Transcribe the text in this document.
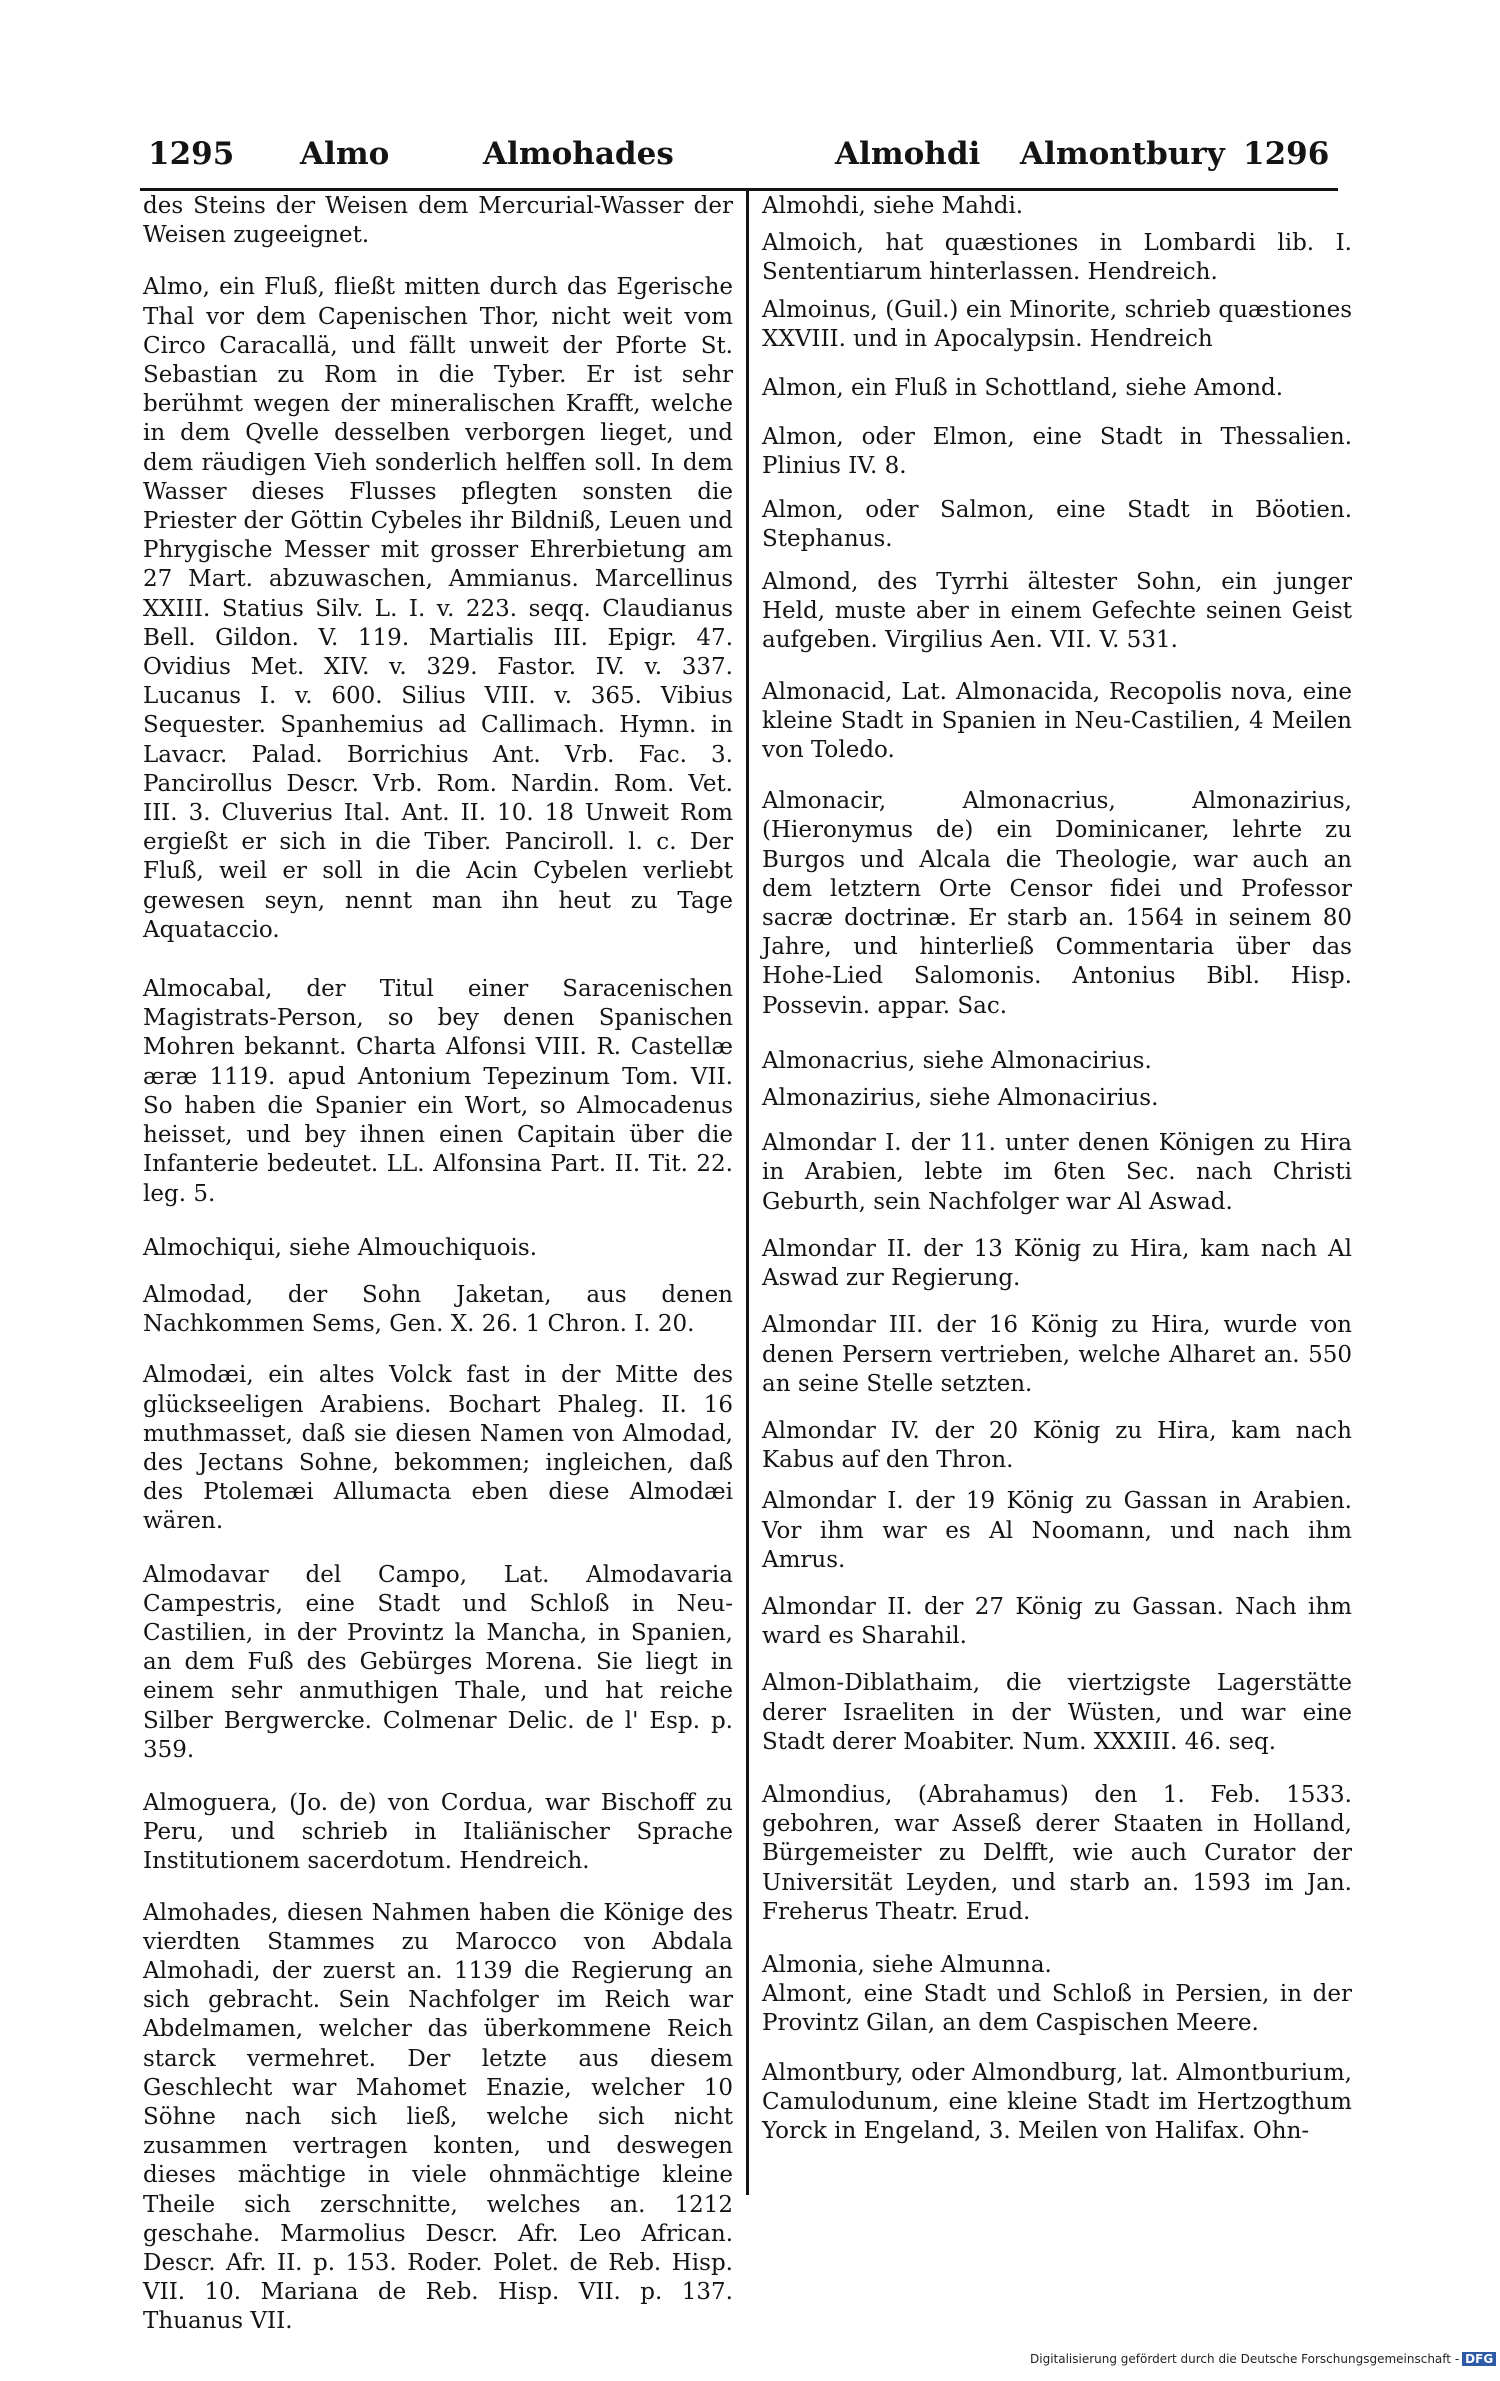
1295 Almo	Almohades	Almohdi Almontbury 1296

des Steins der Weisen dem Mercurial-Wasser der Weisen zugeeignet.

Almo, ein Fluß, fließt mitten durch das Egerische Thal vor dem Capenischen Thor, nicht weit vom Circo Caracallä, und fällt unweit der Pforte St. Sebastian zu Rom in die Tyber. Er ist sehr berühmt wegen der mineralischen Krafft, welche in dem Qvelle desselben verborgen lieget, und dem räudigen Vieh sonderlich helffen soll. In dem Wasser dieses Flusses pflegten sonsten die Priester der Göttin Cybeles ihr Bildniß, Leuen und Phrygische Messer mit grosser Ehrerbietung am 27 Mart. abzuwaschen, Ammianus. Marcellinus XXIII. Statius Silv. L. I. v. 223. seqq. Claudianus Bell. Gildon. V. 119. Martialis III. Epigr. 47. Ovidius Met. XIV. v. 329. Fastor. IV. v. 337. Lucanus I. v. 600. Silius VIII. v. 365. Vibius Sequester. Spanhemius ad Callimach. Hymn. in Lavacr. Palad. Borrichius Ant. Vrb. Fac. 3. Pancirollus Descr. Vrb. Rom. Nardin. Rom. Vet. III. 3. Cluverius Ital. Ant. II. 10. 18 Unweit Rom ergießt er sich in die Tiber. Panciroll. l. c. Der Fluß, weil er soll in die Acin Cybelen verliebt gewesen seyn, nennt man ihn heut zu Tage Aquataccio.

Almocabal, der Titul einer Saracenischen Magistrats-Person, so bey denen Spanischen Mohren bekannt. Charta Alfonsi VIII. R. Castellæ æræ 1119. apud Antonium Tepezinum Tom. VII. So haben die Spanier ein Wort, so Almocadenus heisset, und bey ihnen einen Capitain über die Infanterie bedeutet. LL. Alfonsina Part. II. Tit. 22. leg. 5.

Almochiqui, siehe Almouchiquois.

Almodad, der Sohn Jaketan, aus denen Nachkommen Sems, Gen. X. 26. 1 Chron. I. 20.

Almodæi, ein altes Volck fast in der Mitte des glückseeligen Arabiens. Bochart Phaleg. II. 16 muthmasset, daß sie diesen Namen von Almodad, des Jectans Sohne, bekommen; ingleichen, daß des Ptolemæi Allumacta eben diese Almodæi wären.

Almodavar del Campo, Lat. Almodavaria Campestris, eine Stadt und Schloß in Neu-Castilien, in der Provintz la Mancha, in Spanien, an dem Fuß des Gebürges Morena. Sie liegt in einem sehr anmuthigen Thale, und hat reiche Silber Bergwercke. Colmenar Delic. de l' Esp. p. 359.

Almoguera, (Jo. de) von Cordua, war Bischoff zu Peru, und schrieb in Italiänischer Sprache Institutionem sacerdotum. Hendreich.

Almohades, diesen Nahmen haben die Könige des vierdten Stammes zu Marocco von Abdala Almohadi, der zuerst an. 1139 die Regierung an sich gebracht. Sein Nachfolger im Reich war Abdelmamen, welcher das überkommene Reich starck vermehret. Der letzte aus diesem Geschlecht war Mahomet Enazie, welcher 10 Söhne nach sich ließ, welche sich nicht zusammen vertragen konten, und deswegen dieses mächtige in viele ohnmächtige kleine Theile sich zerschnitte, welches an. 1212 geschahe. Marmolius Descr. Afr. Leo African. Descr. Afr. II. p. 153. Roder. Polet. de Reb. Hisp. VII. 10. Mariana de Reb. Hisp. VII. p. 137. Thuanus VII.

Almohdi, siehe Mahdi.

Almoich, hat quæstiones in Lombardi lib. I. Sententiarum hinterlassen. Hendreich.

Almoinus, (Guil.) ein Minorite, schrieb quæstiones XXVIII. und in Apocalypsin. Hendreich

Almon, ein Fluß in Schottland, siehe Amond.

Almon, oder Elmon, eine Stadt in Thessalien. Plinius IV. 8.

Almon, oder Salmon, eine Stadt in Böotien. Stephanus.

Almond, des Tyrrhi ältester Sohn, ein junger Held, muste aber in einem Gefechte seinen Geist aufgeben. Virgilius Aen. VII. V. 531.

Almonacid, Lat. Almonacida, Recopolis nova, eine kleine Stadt in Spanien in Neu-Castilien, 4 Meilen von Toledo.

Almonacir, Almonacrius, Almonazirius, (Hieronymus de) ein Dominicaner, lehrte zu Burgos und Alcala die Theologie, war auch an dem letztern Orte Censor fidei und Professor sacræ doctrinæ. Er starb an. 1564 in seinem 80 Jahre, und hinterließ Commentaria über das Hohe-Lied Salomonis. Antonius Bibl. Hisp. Possevin. appar. Sac.

Almonacrius, siehe Almonacirius.

Almonazirius, siehe Almonacirius.

Almondar I. der 11. unter denen Königen zu Hira in Arabien, lebte im 6ten Sec. nach Christi Geburth, sein Nachfolger war Al Aswad.

Almondar II. der 13 König zu Hira, kam nach Al Aswad zur Regierung.

Almondar III. der 16 König zu Hira, wurde von denen Persern vertrieben, welche Alharet an. 550 an seine Stelle setzten.

Almondar IV. der 20 König zu Hira, kam nach Kabus auf den Thron.

Almondar I. der 19 König zu Gassan in Arabien. Vor ihm war es Al Noomann, und nach ihm Amrus.

Almondar II. der 27 König zu Gassan. Nach ihm ward es Sharahil.

Almon-Diblathaim, die viertzigste Lagerstätte derer Israeliten in der Wüsten, und war eine Stadt derer Moabiter. Num. XXXIII. 46. seq.

Almondius, (Abrahamus) den 1. Feb. 1533. gebohren, war Asseß derer Staaten in Holland, Bürgemeister zu Delfft, wie auch Curator der Universität Leyden, und starb an. 1593 im Jan. Freherus Theatr. Erud.

Almonia, siehe Almunna.

Almont, eine Stadt und Schloß in Persien, in der Provintz Gilan, an dem Caspischen Meere.

Almontbury, oder Almondburg, lat. Almontburium, Camulodunum, eine kleine Stadt im Hertzogthum Yorck in Engeland, 3. Meilen von Halifax. Ohn-

Digitalisierung gefördert durch die Deutsche Forschungsgemeinschaft - DFG
